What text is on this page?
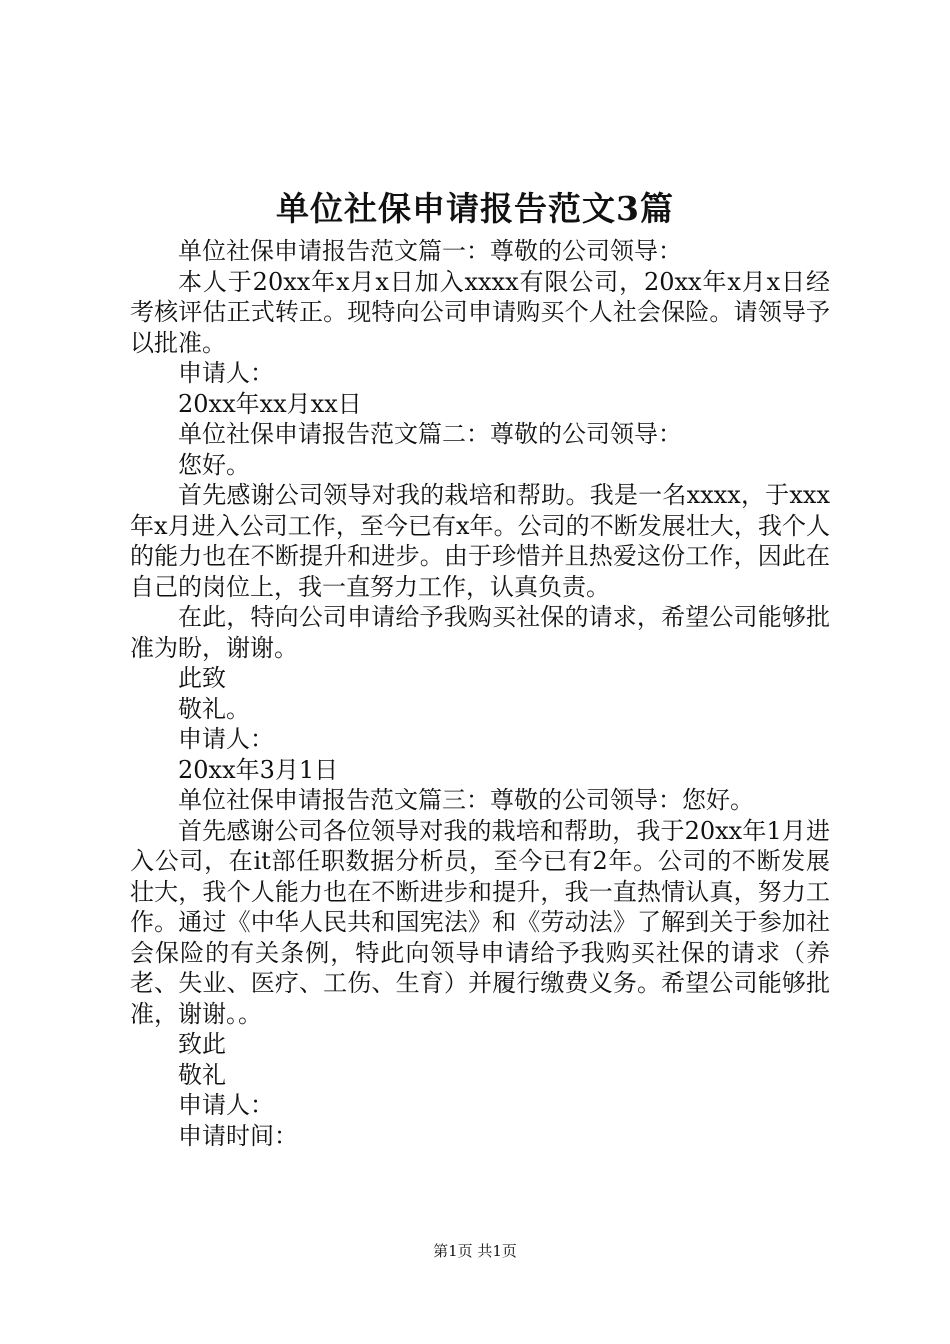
单位社保申请报告范文3篇

单位社保申请报告范文篇一：尊敬的公司领导：

本人于20xx年x月x日加入xxxx有限公司，20xx年x月x日经考核评估正式转正。现特向公司申请购买个人社会保险。请领导予以批准。

申请人：

20xx年xx月xx日

单位社保申请报告范文篇二：尊敬的公司领导：

您好。

首先感谢公司领导对我的栽培和帮助。我是一名xxxx，于xxx年x月进入公司工作，至今已有x年。公司的不断发展壮大，我个人的能力也在不断提升和进步。由于珍惜并且热爱这份工作，因此在自己的岗位上，我一直努力工作，认真负责。

在此，特向公司申请给予我购买社保的请求，希望公司能够批准为盼，谢谢。

此致

敬礼。

申请人：

20xx年3月1日

单位社保申请报告范文篇三：尊敬的公司领导：您好。

首先感谢公司各位领导对我的栽培和帮助，我于20xx年1月进入公司，在it部任职数据分析员，至今已有2年。公司的不断发展壮大，我个人能力也在不断进步和提升，我一直热情认真，努力工作。通过《中华人民共和国宪法》和《劳动法》了解到关于参加社会保险的有关条例，特此向领导申请给予我购买社保的请求（养老、失业、医疗、工伤、生育）并履行缴费义务。希望公司能够批准，谢谢。。

致此

敬礼

申请人：

申请时间：

第1页 共1页
